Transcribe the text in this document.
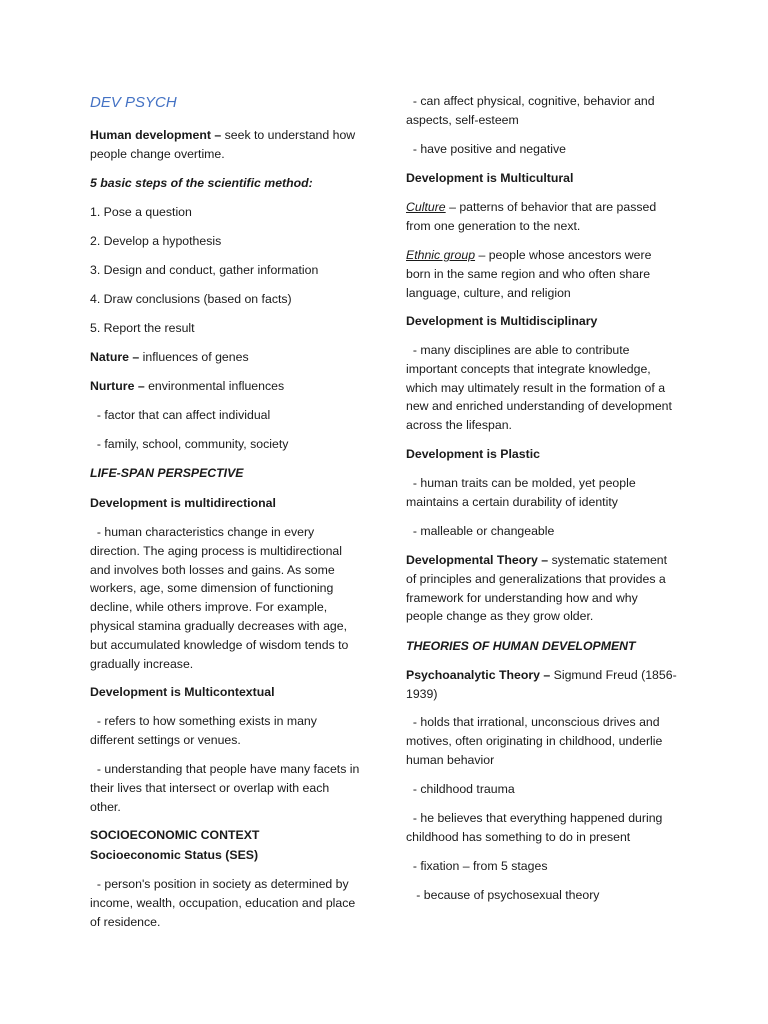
DEV PSYCH

Human development – seek to understand how people change overtime.

5 basic steps of the scientific method:

1. Pose a question

2. Develop a hypothesis

3. Design and conduct, gather information

4. Draw conclusions (based on facts)

5. Report the result

Nature – influences of genes

Nurture – environmental influences

- factor that can affect individual

- family, school, community, society

LIFE-SPAN PERSPECTIVE

Development is multidirectional

- human characteristics change in every direction. The aging process is multidirectional and involves both losses and gains. As some workers, age, some dimension of functioning decline, while others improve. For example, physical stamina gradually decreases with age, but accumulated knowledge of wisdom tends to gradually increase.

Development is Multicontextual

- refers to how something exists in many different settings or venues.

- understanding that people have many facets in their lives that intersect or overlap with each other.

SOCIOECONOMIC CONTEXT

Socioeconomic Status (SES)

- person's position in society as determined by income, wealth, occupation, education and place of residence.

- can affect physical, cognitive, behavior and aspects, self-esteem

- have positive and negative

Development is Multicultural

Culture – patterns of behavior that are passed from one generation to the next.

Ethnic group – people whose ancestors were born in the same region and who often share language, culture, and religion

Development is Multidisciplinary

- many disciplines are able to contribute important concepts that integrate knowledge, which may ultimately result in the formation of a new and enriched understanding of development across the lifespan.

Development is Plastic

- human traits can be molded, yet people maintains a certain durability of identity

- malleable or changeable

Developmental Theory – systematic statement of principles and generalizations that provides a framework for understanding how and why people change as they grow older.

THEORIES OF HUMAN DEVELOPMENT

Psychoanalytic Theory – Sigmund Freud (1856-1939)

- holds that irrational, unconscious drives and motives, often originating in childhood, underlie human behavior

- childhood trauma

- he believes that everything happened during childhood has something to do in present

- fixation – from 5 stages

- because of psychosexual theory
